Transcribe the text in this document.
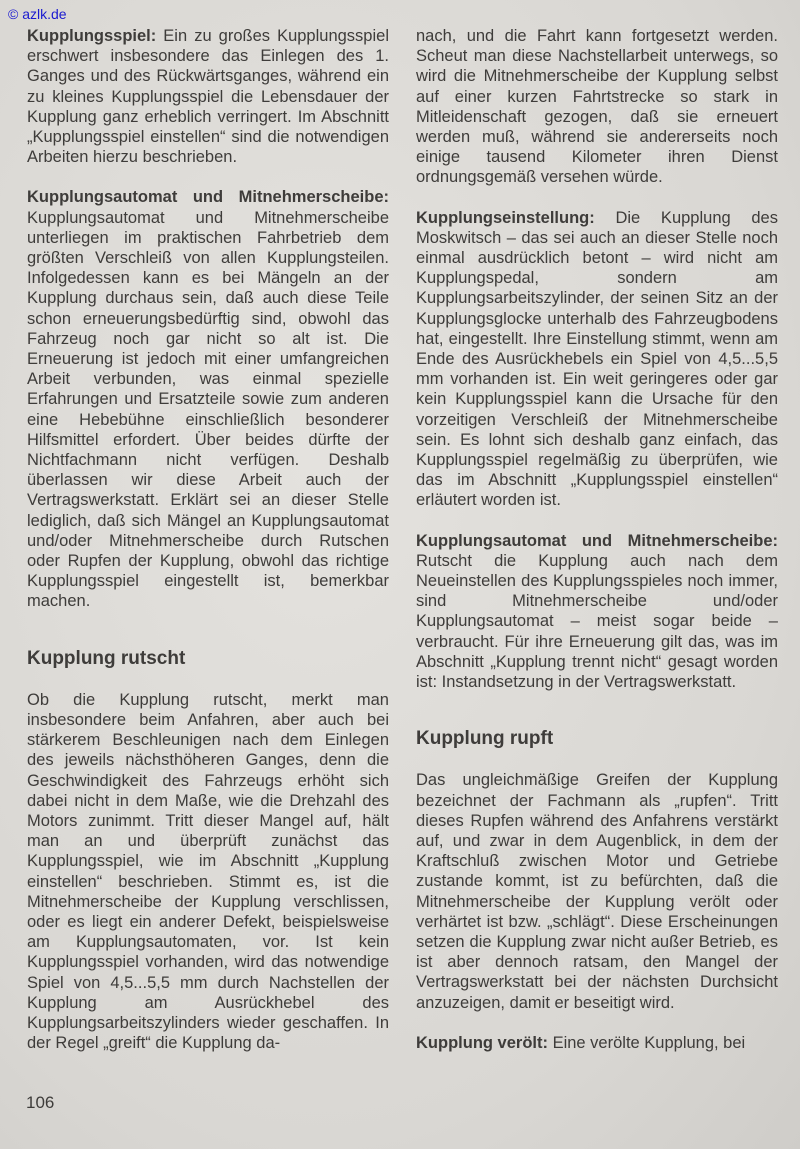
© azlk.de

Kupplungsspiel: Ein zu großes Kupplungsspiel erschwert insbesondere das Einlegen des 1. Ganges und des Rückwärtsganges, während ein zu kleines Kupplungsspiel die Lebensdauer der Kupplung ganz erheblich verringert. Im Abschnitt „Kupplungsspiel einstellen“ sind die notwendigen Arbeiten hierzu beschrieben.

Kupplungsautomat und Mitnehmerscheibe: Kupplungsautomat und Mitnehmerscheibe unterliegen im praktischen Fahrbetrieb dem größten Verschleiß von allen Kupplungsteilen. Infolgedessen kann es bei Mängeln an der Kupplung durchaus sein, daß auch diese Teile schon erneuerungsbedürftig sind, obwohl das Fahrzeug noch gar nicht so alt ist. Die Erneuerung ist jedoch mit einer umfangreichen Arbeit verbunden, was einmal spezielle Erfahrungen und Ersatzteile sowie zum anderen eine Hebebühne einschließlich besonderer Hilfsmittel erfordert. Über beides dürfte der Nichtfachmann nicht verfügen. Deshalb überlassen wir diese Arbeit auch der Vertragswerkstatt. Erklärt sei an dieser Stelle lediglich, daß sich Mängel an Kupplungsautomat und/oder Mitnehmerscheibe durch Rutschen oder Rupfen der Kupplung, obwohl das richtige Kupplungsspiel eingestellt ist, bemerkbar machen.

Kupplung rutscht

Ob die Kupplung rutscht, merkt man insbesondere beim Anfahren, aber auch bei stärkerem Beschleunigen nach dem Einlegen des jeweils nächsthöheren Ganges, denn die Geschwindigkeit des Fahrzeugs erhöht sich dabei nicht in dem Maße, wie die Drehzahl des Motors zunimmt. Tritt dieser Mangel auf, hält man an und überprüft zunächst das Kupplungsspiel, wie im Abschnitt „Kupplung einstellen“ beschrieben. Stimmt es, ist die Mitnehmerscheibe der Kupplung verschlissen, oder es liegt ein anderer Defekt, beispielsweise am Kupplungsautomaten, vor. Ist kein Kupplungsspiel vorhanden, wird das notwendige Spiel von 4,5...5,5 mm durch Nachstellen der Kupplung am Ausrückhebel des Kupplungsarbeitszylinders wieder geschaffen. In der Regel „greift“ die Kupplung da-

nach, und die Fahrt kann fortgesetzt werden. Scheut man diese Nachstellarbeit unterwegs, so wird die Mitnehmerscheibe der Kupplung selbst auf einer kurzen Fahrtstrecke so stark in Mitleidenschaft gezogen, daß sie erneuert werden muß, während sie andererseits noch einige tausend Kilometer ihren Dienst ordnungsgemäß versehen würde.

Kupplungseinstellung: Die Kupplung des Moskwitsch – das sei auch an dieser Stelle noch einmal ausdrücklich betont – wird nicht am Kupplungspedal, sondern am Kupplungsarbeitszylinder, der seinen Sitz an der Kupplungsglocke unterhalb des Fahrzeugbodens hat, eingestellt. Ihre Einstellung stimmt, wenn am Ende des Ausrückhebels ein Spiel von 4,5...5,5 mm vorhanden ist. Ein weit geringeres oder gar kein Kupplungsspiel kann die Ursache für den vorzeitigen Verschleiß der Mitnehmerscheibe sein. Es lohnt sich deshalb ganz einfach, das Kupplungsspiel regelmäßig zu überprüfen, wie das im Abschnitt „Kupplungsspiel einstellen“ erläutert worden ist.

Kupplungsautomat und Mitnehmerscheibe: Rutscht die Kupplung auch nach dem Neueinstellen des Kupplungsspieles noch immer, sind Mitnehmerscheibe und/oder Kupplungsautomat – meist sogar beide – verbraucht. Für ihre Erneuerung gilt das, was im Abschnitt „Kupplung trennt nicht“ gesagt worden ist: Instandsetzung in der Vertragswerkstatt.

Kupplung rupft

Das ungleichmäßige Greifen der Kupplung bezeichnet der Fachmann als „rupfen“. Tritt dieses Rupfen während des Anfahrens verstärkt auf, und zwar in dem Augenblick, in dem der Kraftschluß zwischen Motor und Getriebe zustande kommt, ist zu befürchten, daß die Mitnehmerscheibe der Kupplung verölt oder verhärtet ist bzw. „schlägt“. Diese Erscheinungen setzen die Kupplung zwar nicht außer Betrieb, es ist aber dennoch ratsam, den Mangel der Vertragswerkstatt bei der nächsten Durchsicht anzuzeigen, damit er beseitigt wird.

Kupplung verölt: Eine verölte Kupplung, bei

106
